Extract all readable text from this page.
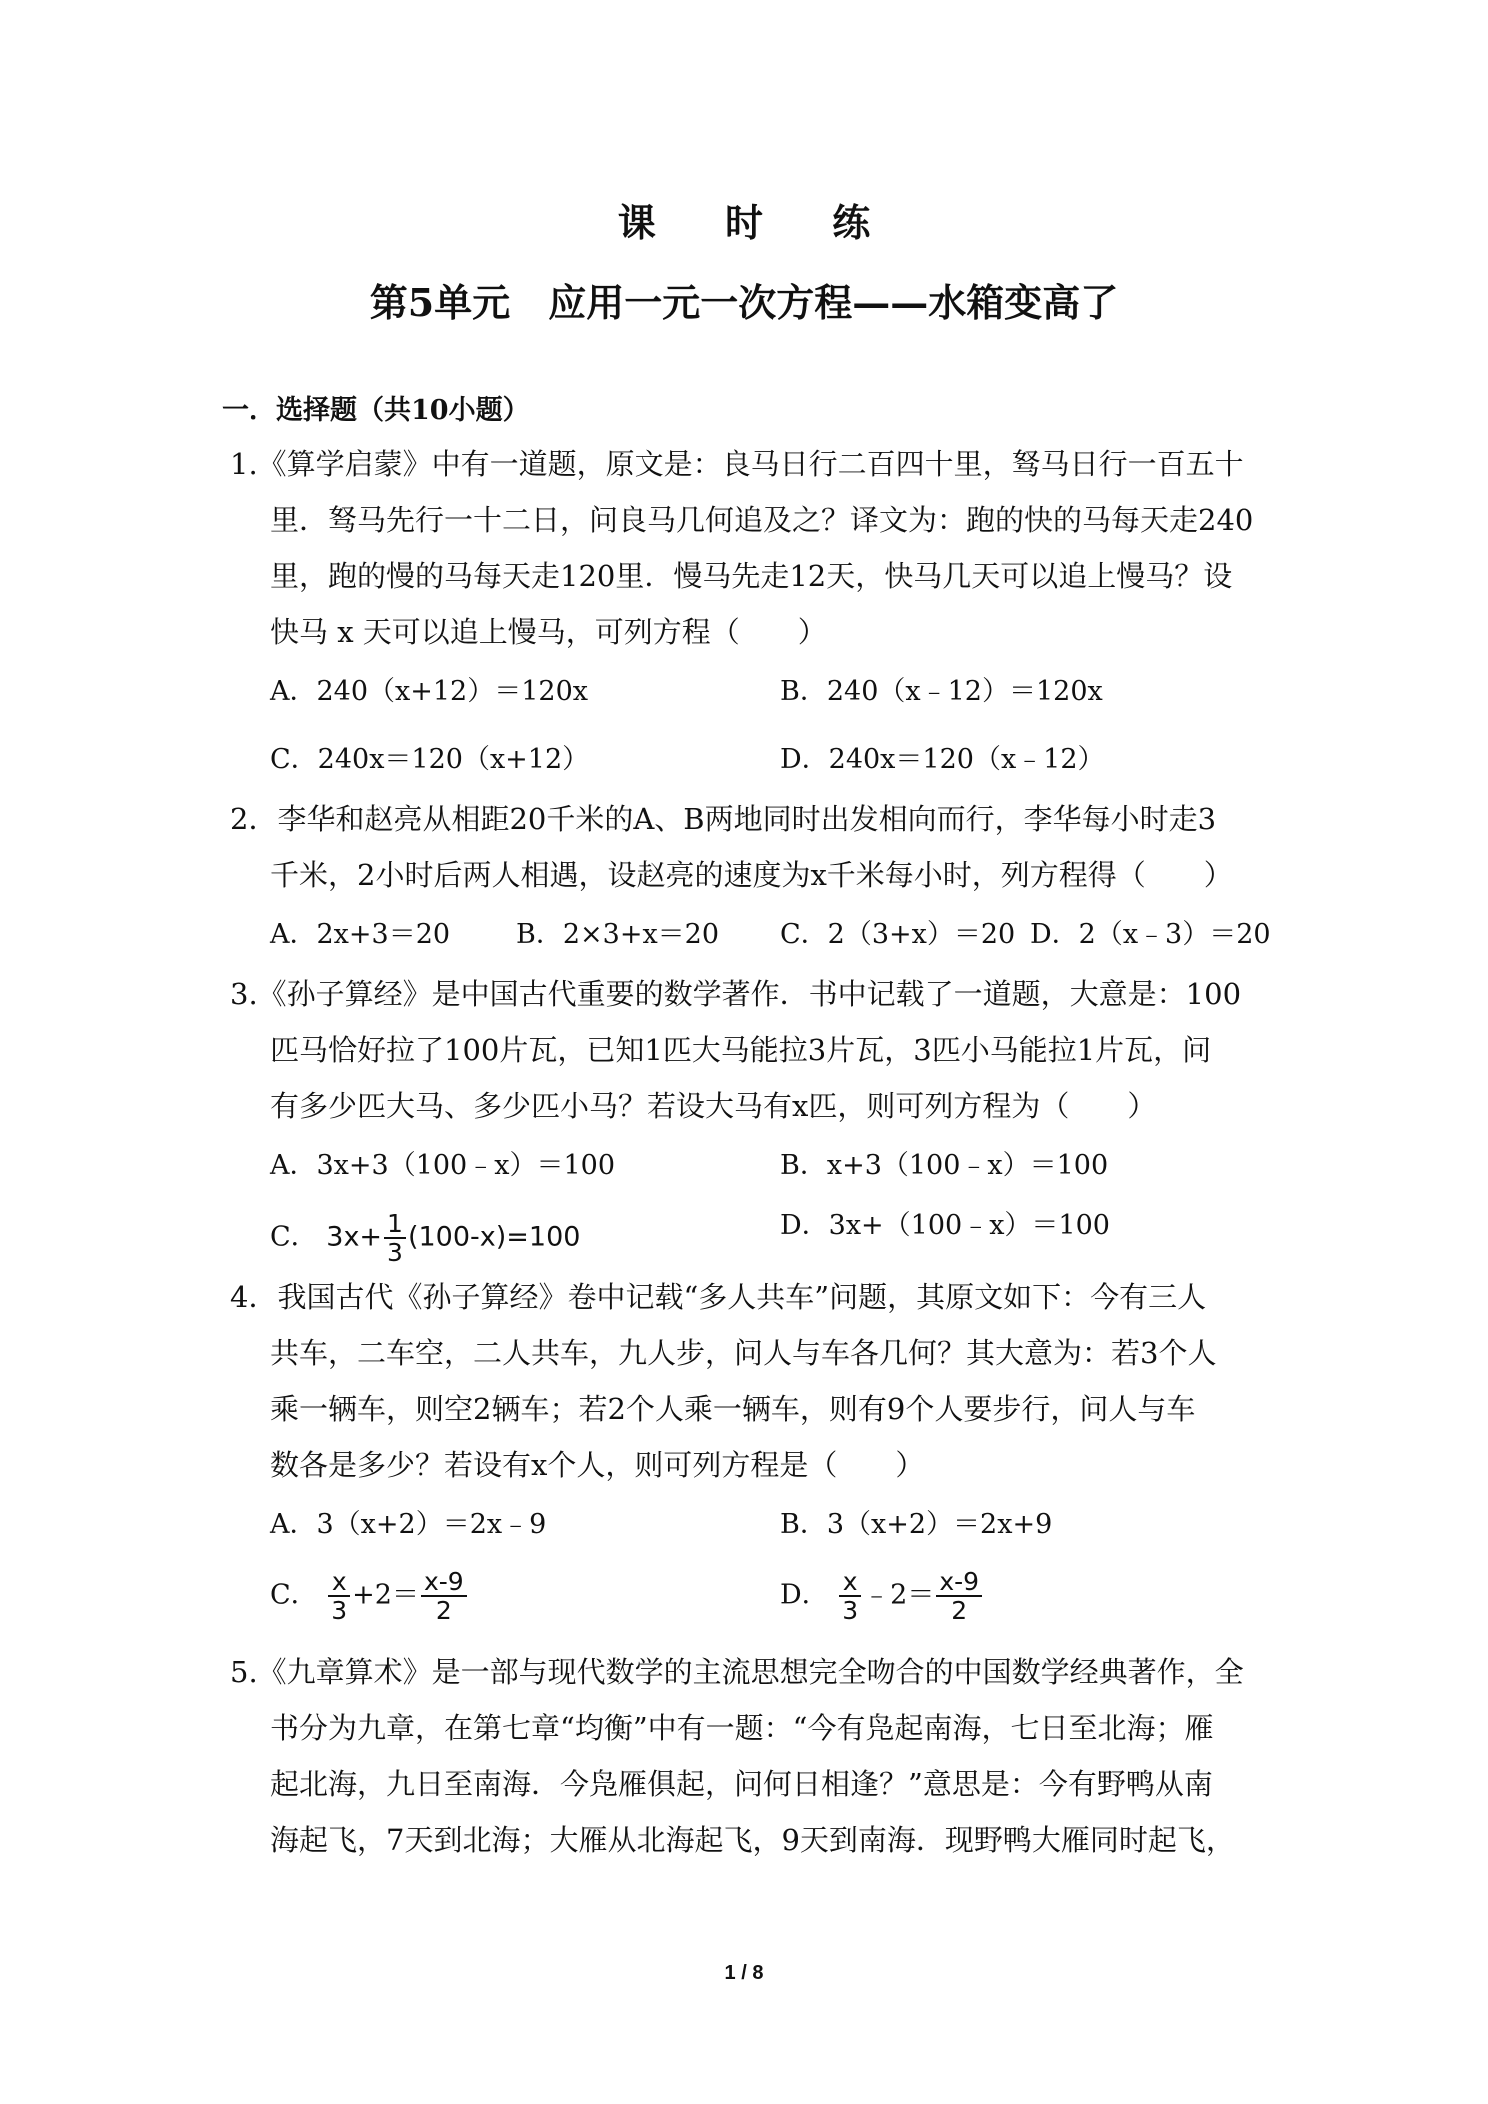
课 时 练
第5单元　应用一元一次方程——水箱变高了
一．选择题（共10小题）
1.《算学启蒙》中有一道题，原文是：良马日行二百四十里，驽马日行一百五十
里．驽马先行一十二日，问良马几何追及之？译文为：跑的快的马每天走240
里，跑的慢的马每天走120里．慢马先走12天，快马几天可以追上慢马？设
快马 x 天可以追上慢马，可列方程（　　）
A．240（x+12）＝120x	B．240（x﹣12）＝120x
C．240x＝120（x+12）	D．240x＝120（x﹣12）
2．李华和赵亮从相距20千米的A、B两地同时出发相向而行，李华每小时走3
千米，2小时后两人相遇，设赵亮的速度为x千米每小时，列方程得（　　）
A．2x+3＝20 B．2×3+x＝20 C．2（3+x）＝20 D．2（x﹣3）＝20
3.《孙子算经》是中国古代重要的数学著作．书中记载了一道题，大意是：100
匹马恰好拉了100片瓦，已知1匹大马能拉3片瓦，3匹小马能拉1片瓦，问
有多少匹大马、多少匹小马？若设大马有x匹，则可列方程为（　　）
A．3x+3（100﹣x）＝100	B．x+3（100﹣x）＝100
C． $3x+ \frac{1}{3} (100-x)=100$	D．3x+（100﹣x）＝100
4．我国古代《孙子算经》卷中记载“多人共车”问题，其原文如下：今有三人
共车，二车空，二人共车，九人步，问人与车各几何？其大意为：若3个人
乘一辆车，则空2辆车；若2个人乘一辆车，则有9个人要步行，问人与车
数各是多少？若设有x个人，则可列方程是（　　）
A．3（x+2）＝2x﹣9	B．3（x+2）＝2x+9
C． $\frac{x}{3} +2= \frac{x-9}{2}$	D． $\frac{x}{3}$ ﹣2＝ $\frac{x-9}{2}$
5.《九章算术》是一部与现代数学的主流思想完全吻合的中国数学经典著作，全
书分为九章，在第七章“均衡”中有一题：“今有凫起南海，七日至北海；雁
起北海，九日至南海．今凫雁俱起，问何日相逢？”意思是：今有野鸭从南
海起飞，7天到北海；大雁从北海起飞，9天到南海．现野鸭大雁同时起飞，
1 / 8
